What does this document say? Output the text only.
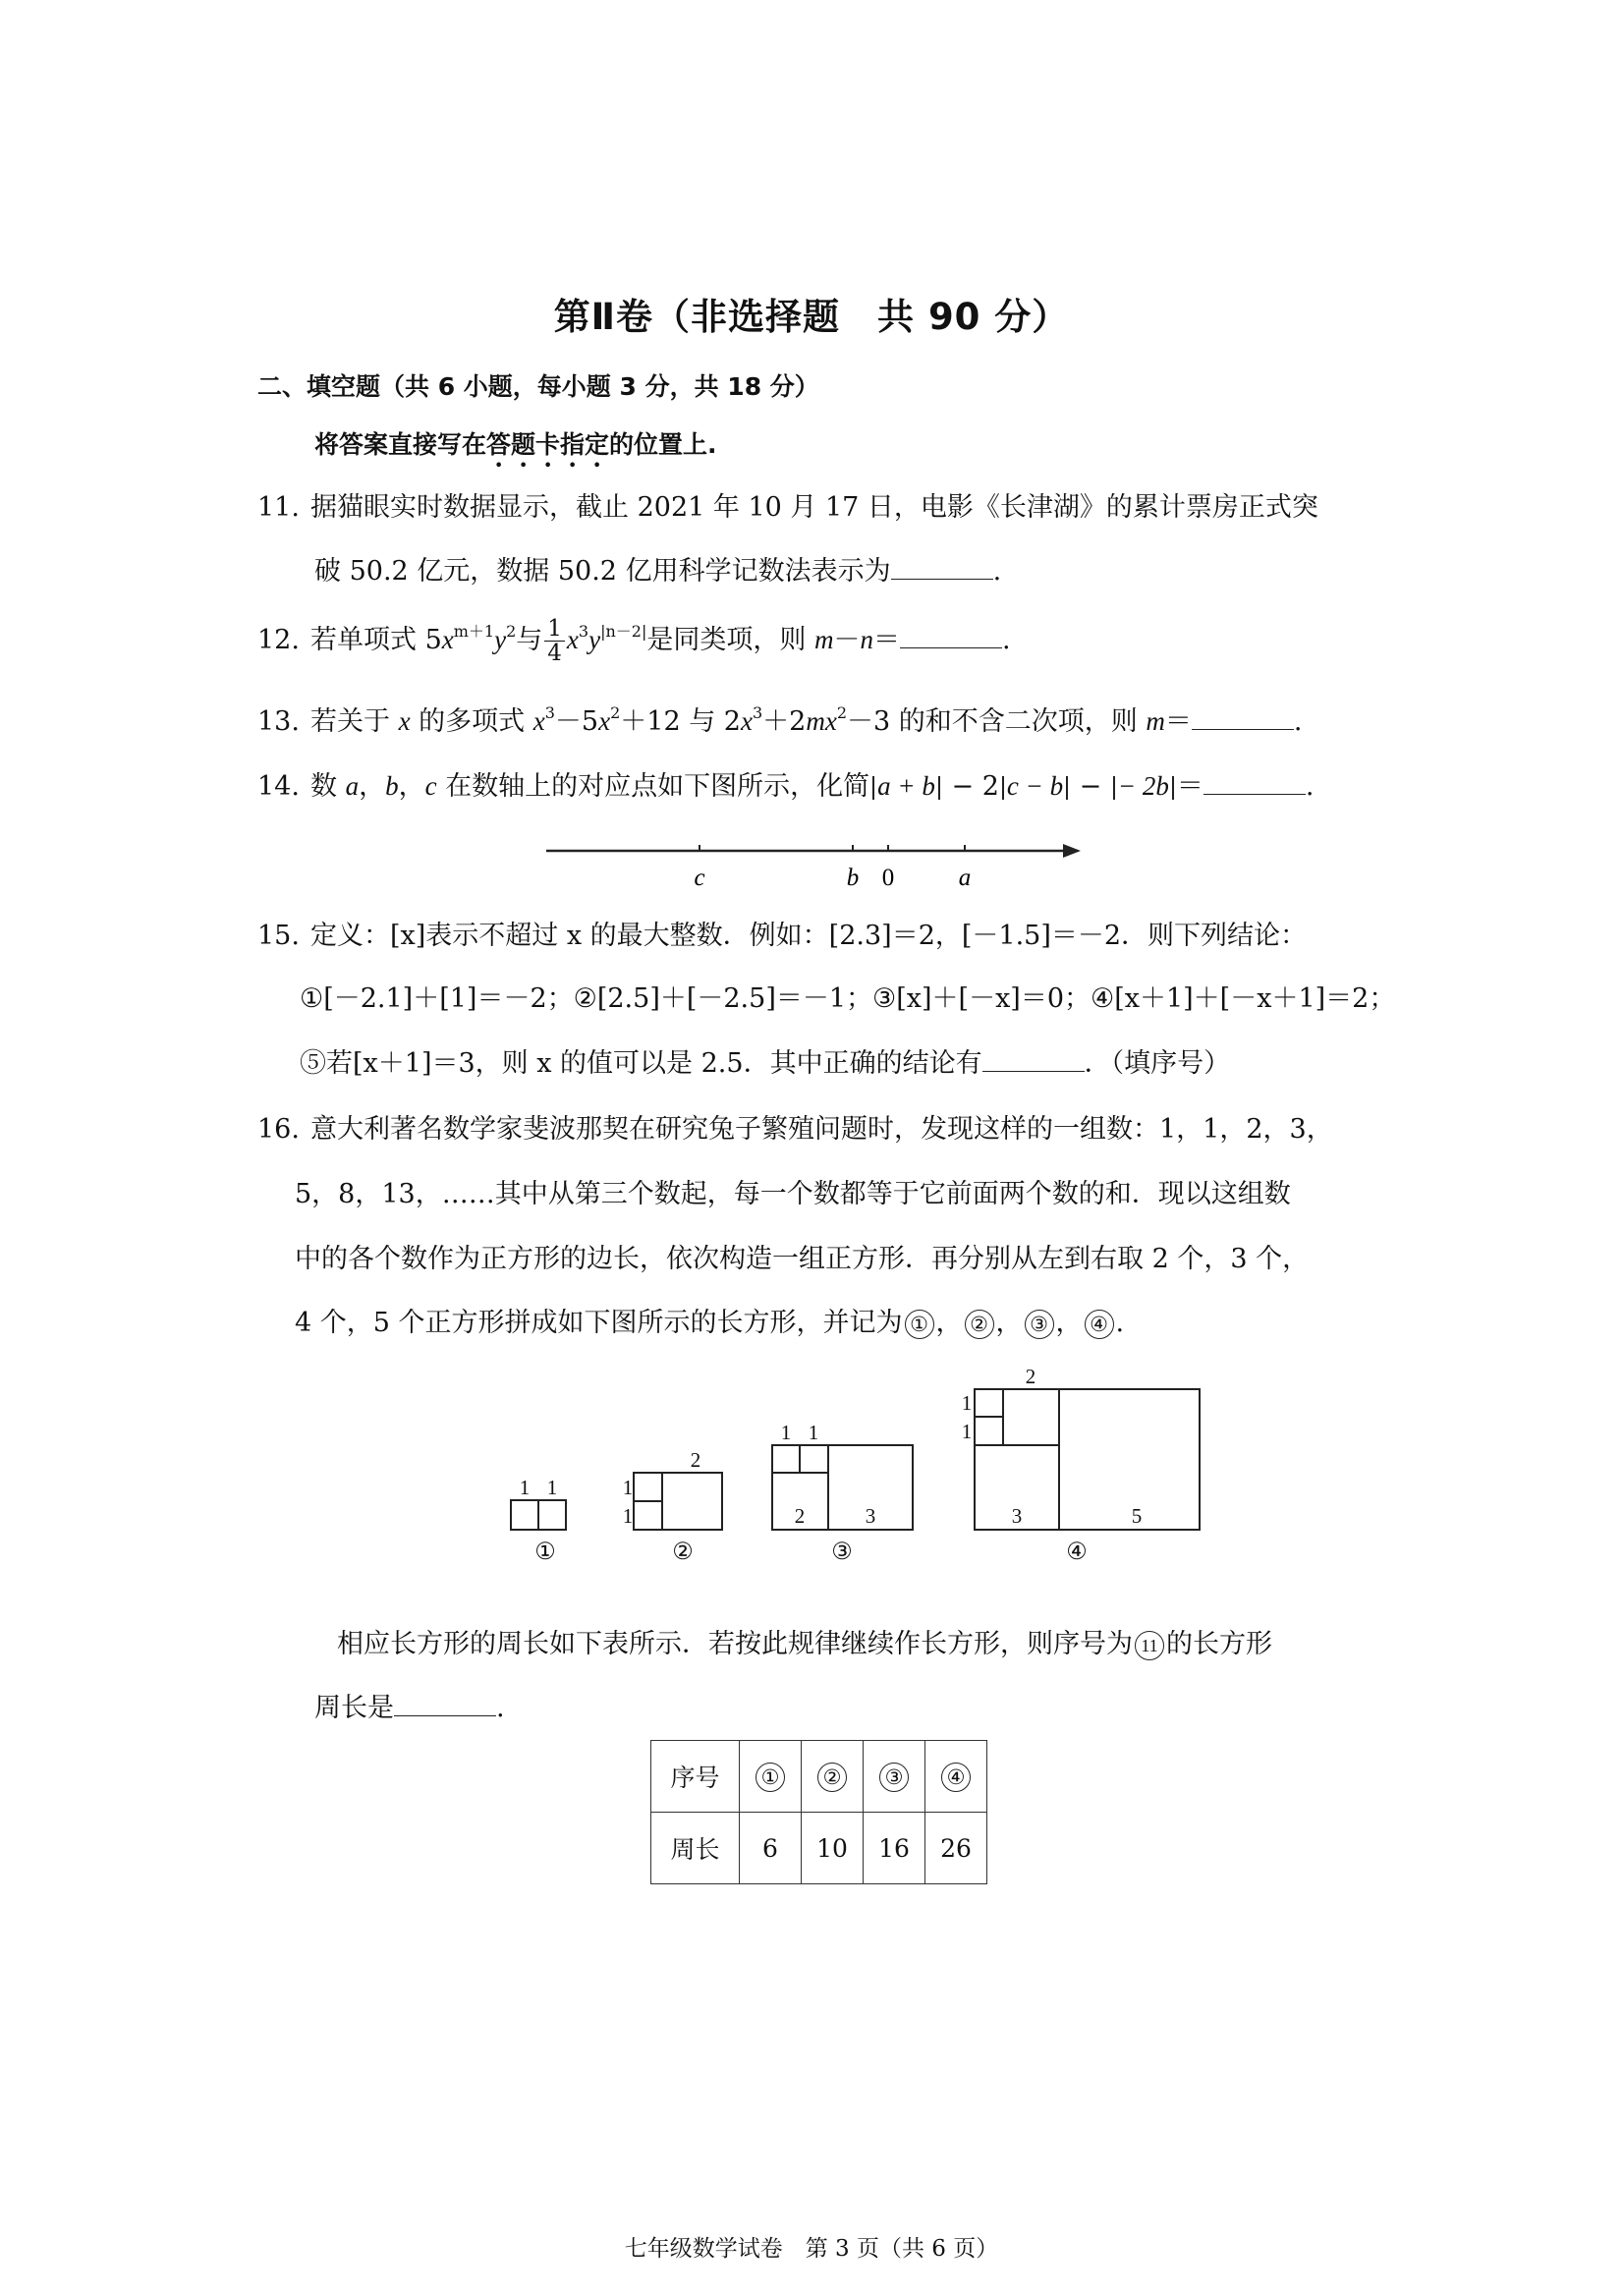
第Ⅱ卷（非选择题　共 90 分）
二、填空题（共 6 小题，每小题 3 分，共 18 分）
将答案直接写在答题卡指定的位置上.
11. 据猫眼实时数据显示，截止 2021 年 10 月 17 日，电影《长津湖》的累计票房正式突
破 50.2 亿元，数据 50.2 亿用科学记数法表示为	.
12. 若单项式 $5x^{m+1}y^2$与 $\frac{1}{4} x^3y^{|n-2|}$是同类项，则 m－n＝	.
13. 若关于 x 的多项式 $x^3-5x^2+12$ 与 $2x^3+2mx^2-3$ 的和不含二次项，则 m＝	.
14. 数 a，b，c 在数轴上的对应点如下图所示，化简 a + b − 2 c − b − − 2b ＝	.
c	b 0	a
15. 定义：[x]表示不超过 x 的最大整数．例如：[2.3]＝2，[－1.5]＝－2．则下列结论：
①[－2.1]＋[1]＝－2；②[2.5]＋[－2.5]＝－1；③[x]＋[－x]＝0；④[x＋1]＋[－x＋1]＝2；
⑤若[x＋1]＝3，则 x 的值可以是 2.5．其中正确的结论有	．（填序号）
16. 意大利著名数学家斐波那契在研究兔子繁殖问题时，发现这样的一组数：1，1，2，3，
5，8，13，……其中从第三个数起，每一个数都等于它前面两个数的和．现以这组数
中的各个数作为正方形的边长，依次构造一组正方形．再分别从左到右取 2 个，3 个，
4 个，5 个正方形拼成如下图所示的长方形，并记为 ① ， ② ， ③ ， ④ .
1 1
①
1
1
2
②
1 1
2	3
③
1
1
2
3	5
④
相应长方形的周长如下表所示．若按此规律继续作长方形，则序号为 11 的长方形
周长是	.
序号	①	②	③	④
周长	6	10	16	26
七年级数学试卷　第 3 页（共 6 页）
